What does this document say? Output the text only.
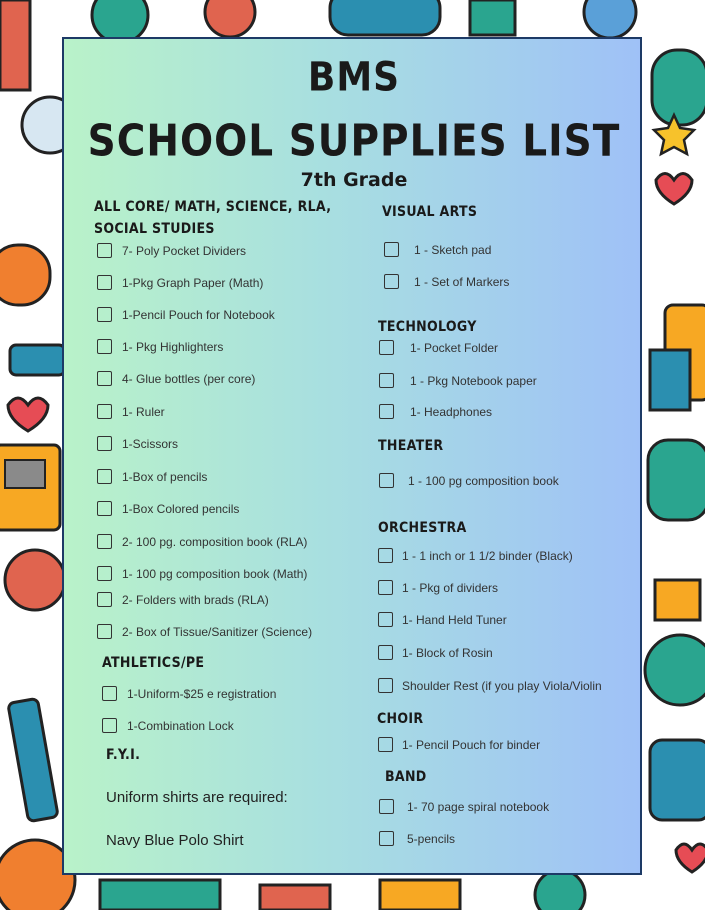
BMS
SCHOOL SUPPLIES LIST
7th Grade
ALL CORE/ MATH, SCIENCE, RLA,
SOCIAL STUDIES
7- Poly Pocket Dividers
1-Pkg Graph Paper (Math)
1-Pencil Pouch for Notebook
1- Pkg Highlighters
4- Glue bottles (per core)
1- Ruler
1-Scissors
1-Box of pencils
1-Box Colored pencils
2- 100 pg. composition book (RLA)
1- 100 pg composition book (Math)
2- Folders with brads (RLA)
2- Box of Tissue/Sanitizer (Science)
ATHLETICS/PE
1-Uniform-$25 e registration
1-Combination Lock
F.Y.I.
Uniform shirts are required:
Navy Blue Polo Shirt
VISUAL ARTS
1 - Sketch pad
1 - Set of Markers
TECHNOLOGY
1- Pocket Folder
1 - Pkg Notebook paper
1- Headphones
THEATER
1 - 100 pg composition book
ORCHESTRA
1 - 1 inch or 1 1/2 binder (Black)
1 - Pkg of dividers
1- Hand Held Tuner
1- Block of Rosin
Shoulder Rest (if you play Viola/Violin
CHOIR
1- Pencil Pouch for binder
BAND
1- 70 page spiral notebook
5-pencils
